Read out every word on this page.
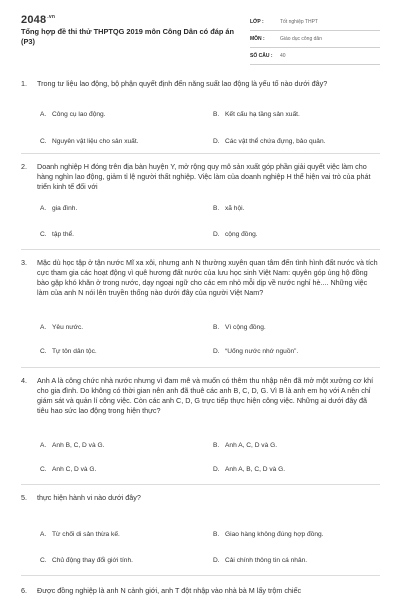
$2048^{.vn}$
Tổng hợp đề thi thử THPTQG 2019 môn Công Dân có đáp án (P3)
LỚP :	Tốt nghiệp THPT
MÔN :	Giáo dục công dân
SỐ CÂU :	40
1.	Trong tư liệu lao động, bộ phận quyết định đến năng suất lao động là yếu tố nào dưới đây?
A. Công cụ lao động.	B. Kết cấu hạ tầng sản xuất.
C. Nguyên vật liệu cho sản xuất.	D. Các vật thể chứa đựng, bảo quản.
2.	Doanh nghiệp H đóng trên địa bàn huyện Y, mở rộng quy mô sản xuất góp phần giải quyết việc làm cho hàng nghìn lao động, giảm tỉ lệ người thất nghiệp. Việc làm của doanh nghiệp H thể hiện vai trò của phát triển kinh tế đối với
A. gia đình.	B. xã hội.
C. tập thể.	D. cộng đồng.
3.	Mặc dù học tập ở tận nước Mĩ xa xôi, nhưng anh N thường xuyên quan tâm đến tình hình đất nước và tích cực tham gia các hoạt động vì quê hương đất nước của lưu học sinh Việt Nam: quyên góp ủng hộ đồng bào gặp khó khăn ở trong nước, dạy ngoại ngữ cho các em nhỏ mỗi dịp về nước nghỉ hè.... Những việc làm của anh N nói lên truyền thống nào dưới đây của người Việt Nam?
A. Yêu nước.	B. Vì cộng đồng.
C. Tự tôn dân tộc.	D. “Uống nước nhớ nguồn”.
4.	Anh A là công chức nhà nước nhưng vì đam mê và muốn có thêm thu nhập nên đã mở một xưởng cơ khí cho gia đình. Do không có thời gian nên anh đã thuê các anh B, C, D, G. Vì B là anh em họ với A nên chỉ giám sát và quản lí công việc. Còn các anh C, D, G trực tiếp thực hiện công việc. Những ai dưới đây đã tiêu hao sức lao động trong hiện thực?
A. Anh B, C, D và G.	B. Anh A, C, D và G.
C. Anh C, D và G.	D. Anh A, B, C, D và G.
5.	thực hiện hành vi nào dưới đây?
A. Từ chối di sản thừa kế.	B. Giao hàng không đúng hợp đồng.
C. Chủ động thay đổi giới tính.	D. Cải chính thông tin cá nhân.
6.	Được đồng nghiệp là anh N cảnh giới, anh T đột nhập vào nhà bà M lấy trộm chiếc
